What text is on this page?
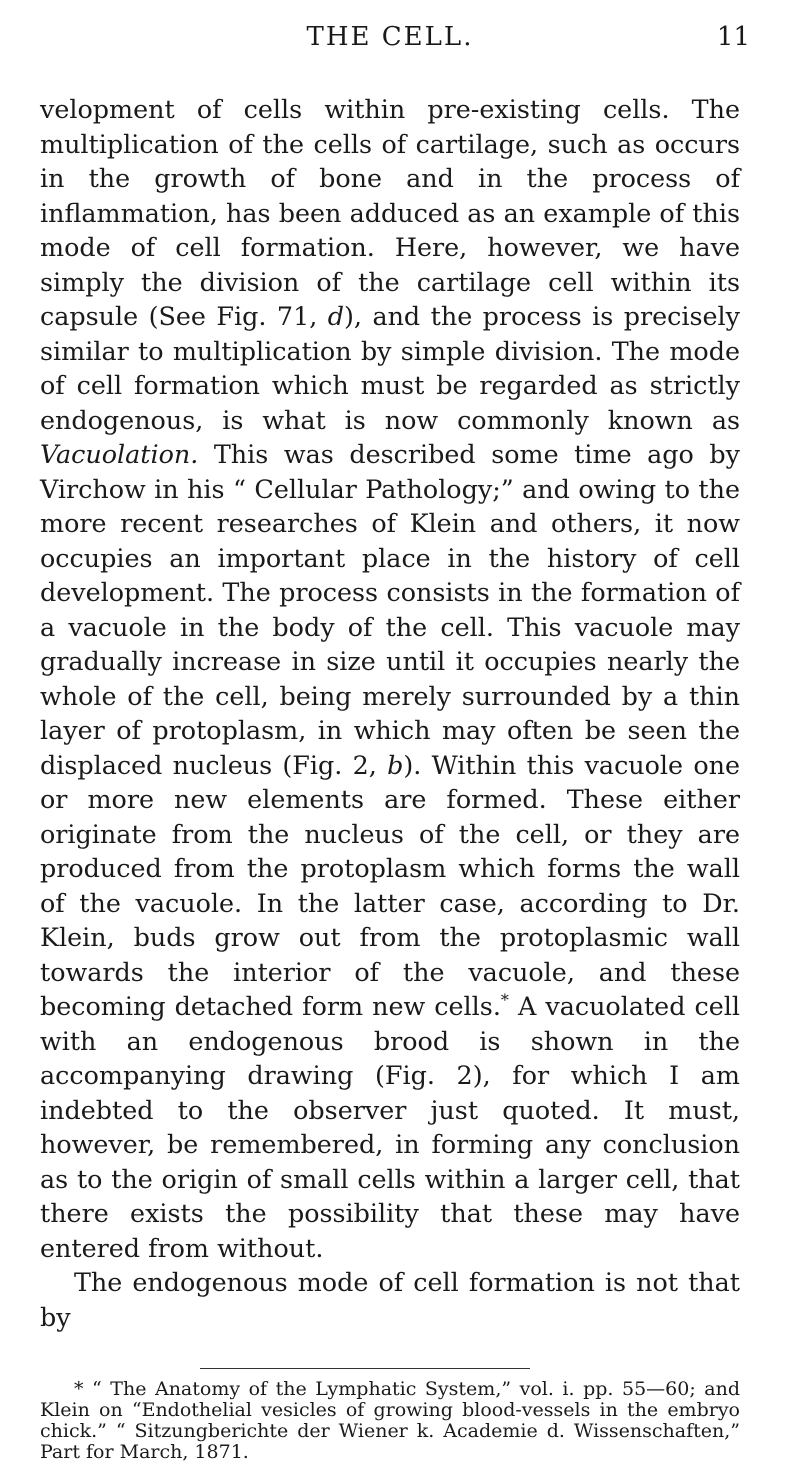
THE CELL.	11

velopment of cells within pre-existing cells. The multiplication of the cells of cartilage, such as occurs in the growth of bone and in the process of inflammation, has been adduced as an example of this mode of cell formation. Here, however, we have simply the division of the cartilage cell within its capsule (See Fig. 71, d), and the process is precisely similar to multiplication by simple division. The mode of cell formation which must be regarded as strictly endogenous, is what is now commonly known as Vacuolation. This was described some time ago by Virchow in his “ Cellular Pathology;” and owing to the more recent researches of Klein and others, it now occupies an important place in the history of cell development. The process consists in the formation of a vacuole in the body of the cell. This vacuole may gradually increase in size until it occupies nearly the whole of the cell, being merely surrounded by a thin layer of protoplasm, in which may often be seen the displaced nucleus (Fig. 2, b). Within this vacuole one or more new elements are formed. These either originate from the nucleus of the cell, or they are produced from the protoplasm which forms the wall of the vacuole. In the latter case, according to Dr. Klein, buds grow out from the protoplasmic wall towards the interior of the vacuole, and these becoming detached form new cells.* A vacuolated cell with an endogenous brood is shown in the accompanying drawing (Fig. 2), for which I am indebted to the observer just quoted. It must, however, be remembered, in forming any conclusion as to the origin of small cells within a larger cell, that there exists the possibility that these may have entered from without.

The endogenous mode of cell formation is not that by

* “ The Anatomy of the Lymphatic System,” vol. i. pp. 55—60; and Klein on “Endothelial vesicles of growing blood-vessels in the embryo chick.” “ Sitzungberichte der Wiener k. Academie d. Wissenschaften,” Part for March, 1871.
